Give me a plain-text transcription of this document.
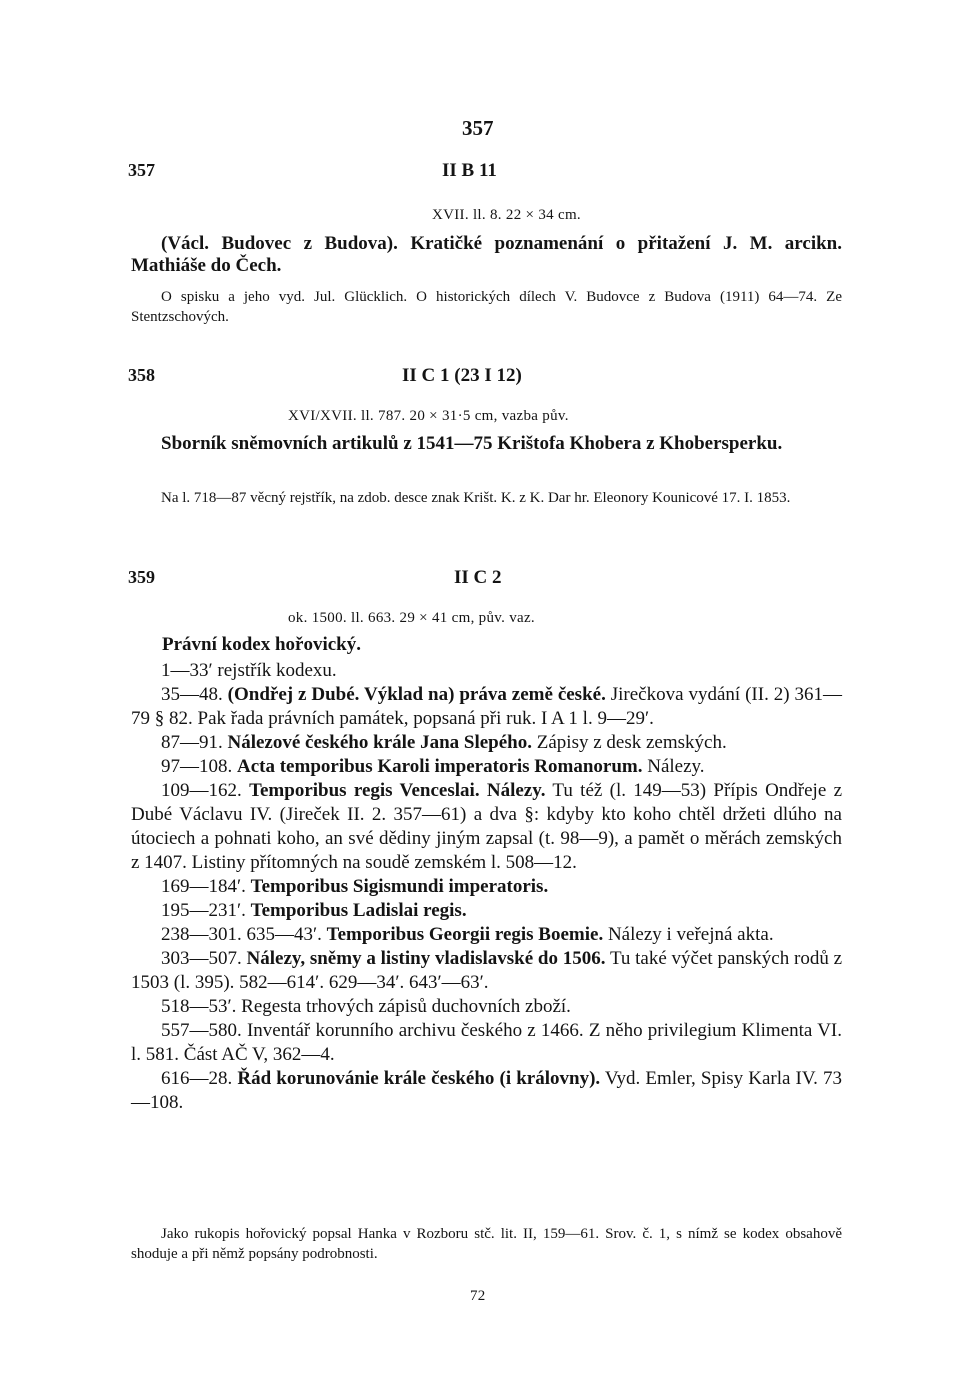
357
357	II B 11
XVII. ll. 8. 22 × 34 cm.

(Václ. Budovec z Budova). Kratičké poznamenání o přitažení J. M. arcikn. Mathiáše do Čech.

O spisku a jeho vyd. Jul. Glücklich. O historických dílech V. Budovce z Budova (1911) 64—74. Ze Stentzschových.

358	II C 1 (23 I 12)
XVI/XVII. ll. 787. 20 × 31·5 cm, vazba pův.

Sborník sněmovních artikulů z 1541—75 Krištofa Khobera z Khobersperku.

Na l. 718—87 věcný rejstřík, na zdob. desce znak Krišt. K. z K. Dar hr. Eleonory Kounicové 17. I. 1853.

359	II C 2
ok. 1500. ll. 663. 29 × 41 cm, pův. vaz.
Právní kodex hořovický.

1—33′ rejstřík kodexu.

35—48. (Ondřej z Dubé. Výklad na) práva země české. Jirečkova vydání (II. 2) 361—79 § 82. Pak řada právních památek, popsaná při ruk. I A 1 l. 9—29′.

87—91. Nálezové českého krále Jana Slepého. Zápisy z desk zemských.

97—108. Acta temporibus Karoli imperatoris Romanorum. Nálezy.

109—162. Temporibus regis Venceslai. Nálezy. Tu též (l. 149—53) Přípis Ondřeje z Dubé Václavu IV. (Jireček II. 2. 357—61) a dva §: kdyby kto koho chtěl držeti dlúho na útociech a pohnati koho, an své dědiny jiným zapsal (t. 98—9), a pamět o měrách zemských z 1407. Listiny přítomných na soudě zemském l. 508—12.

169—184′. Temporibus Sigismundi imperatoris.

195—231′. Temporibus Ladislai regis.

238—301. 635—43′. Temporibus Georgii regis Boemie. Nálezy i veřejná akta.

303—507. Nálezy, sněmy a listiny vladislavské do 1506. Tu také výčet panských rodů z 1503 (l. 395). 582—614′. 629—34′. 643′—63′.

518—53′. Regesta trhových zápisů duchovních zboží.

557—580. Inventář korunního archivu českého z 1466. Z něho privilegium Klimenta VI. l. 581. Část AČ V, 362—4.

616—28. Řád korunovánie krále českého (i královny). Vyd. Emler, Spisy Karla IV. 73—108.

Jako rukopis hořovický popsal Hanka v Rozboru stč. lit. II, 159—61. Srov. č. 1, s nímž se kodex obsahově shoduje a při němž popsány podrobnosti.

72
